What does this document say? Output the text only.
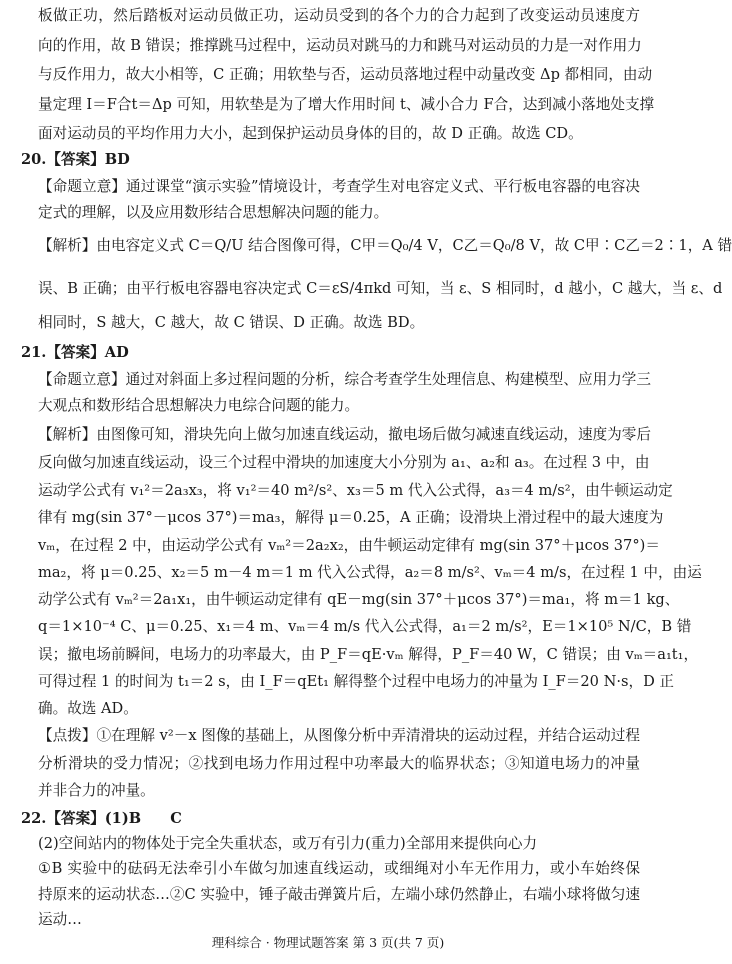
板做正功，然后踏板对运动员做正功，运动员受到的各个力的合力起到了改变运动员速度方
向的作用，故 B 错误；推撑跳马过程中，运动员对跳马的力和跳马对运动员的力是一对作用力
与反作用力，故大小相等，C 正确；用软垫与否，运动员落地过程中动量改变 Δp 都相同，由动
量定理 I＝F合t＝Δp 可知，用软垫是为了增大作用时间 t、减小合力 F合，达到减小落地处支撑
面对运动员的平均作用力大小，起到保护运动员身体的目的，故 D 正确。故选 CD。
20.【答案】BD
【命题立意】通过课堂“演示实验”情境设计，考查学生对电容定义式、平行板电容器的电容决
定式的理解，以及应用数形结合思想解决问题的能力。
【解析】由电容定义式 C＝Q/U 结合图像可得，C甲＝Q₀/4 V，C乙＝Q₀/8 V，故 C甲∶C乙＝2∶1，A 错
误、B 正确；由平行板电容器电容决定式 C＝εS/4πkd 可知，当 ε、S 相同时，d 越小，C 越大，当 ε、d
相同时，S 越大，C 越大，故 C 错误、D 正确。故选 BD。
21.【答案】AD
【命题立意】通过对斜面上多过程问题的分析，综合考查学生处理信息、构建模型、应用力学三
大观点和数形结合思想解决力电综合问题的能力。
【解析】由图像可知，滑块先向上做匀加速直线运动，撤电场后做匀减速直线运动，速度为零后
反向做匀加速直线运动，设三个过程中滑块的加速度大小分别为 a₁、a₂和 a₃。在过程 3 中，由
运动学公式有 v₁²＝2a₃x₃，将 v₁²＝40 m²/s²、x₃＝5 m 代入公式得，a₃＝4 m/s²，由牛顿运动定
律有 mg(sin 37°－μcos 37°)＝ma₃，解得 μ＝0.25，A 正确；设滑块上滑过程中的最大速度为
vₘ，在过程 2 中，由运动学公式有 vₘ²＝2a₂x₂，由牛顿运动定律有 mg(sin 37°＋μcos 37°)＝
ma₂，将 μ＝0.25、x₂＝5 m－4 m＝1 m 代入公式得，a₂＝8 m/s²、vₘ＝4 m/s，在过程 1 中，由运
动学公式有 vₘ²＝2a₁x₁，由牛顿运动定律有 qE－mg(sin 37°＋μcos 37°)＝ma₁，将 m＝1 kg、
q＝1×10⁻⁴ C、μ＝0.25、x₁＝4 m、vₘ＝4 m/s 代入公式得，a₁＝2 m/s²，E＝1×10⁵ N/C，B 错
误；撤电场前瞬间，电场力的功率最大，由 P_F＝qE·vₘ 解得，P_F＝40 W，C 错误；由 vₘ＝a₁t₁，
可得过程 1 的时间为 t₁＝2 s，由 I_F＝qEt₁ 解得整个过程中电场力的冲量为 I_F＝20 N·s，D 正
确。故选 AD。
【点拨】①在理解 v²－x 图像的基础上，从图像分析中弄清滑块的运动过程，并结合运动过程
分析滑块的受力情况；②找到电场力作用过程中功率最大的临界状态；③知道电场力的冲量
并非合力的冲量。
22.【答案】(1)B　　C
(2)空间站内的物体处于完全失重状态，或万有引力(重力)全部用来提供向心力
①B 实验中的砝码无法牵引小车做匀加速直线运动，或细绳对小车无作用力，或小车始终保
持原来的运动状态…②C 实验中，锤子敲击弹簧片后，左端小球仍然静止，右端小球将做匀速
运动…
理科综合 · 物理试题答案 第 3 页(共 7 页)
